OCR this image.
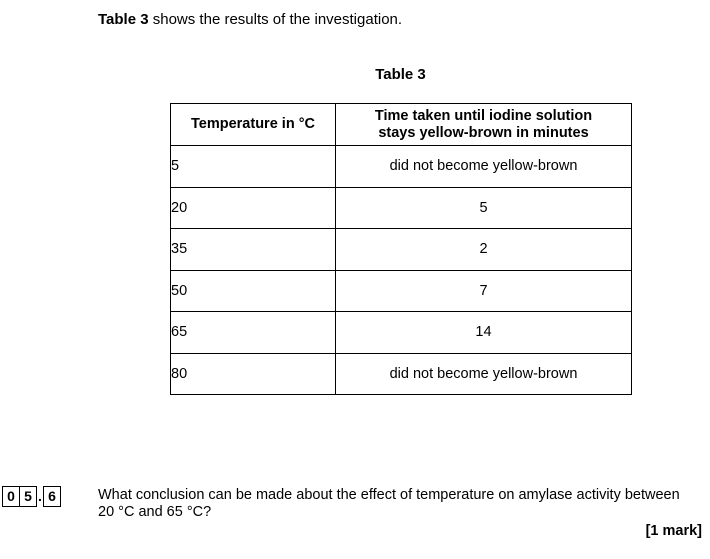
Table 3 shows the results of the investigation.
Table 3
Temperature in °C	Time taken until iodine solution
stays yellow-brown in minutes
5	did not become yellow-brown
20	5
35	2
50	7
65	14
80	did not become yellow-brown
0 5 . 6	What conclusion can be made about the effect of temperature on amylase activity between 20 °C and 65 °C?
[1 mark]
